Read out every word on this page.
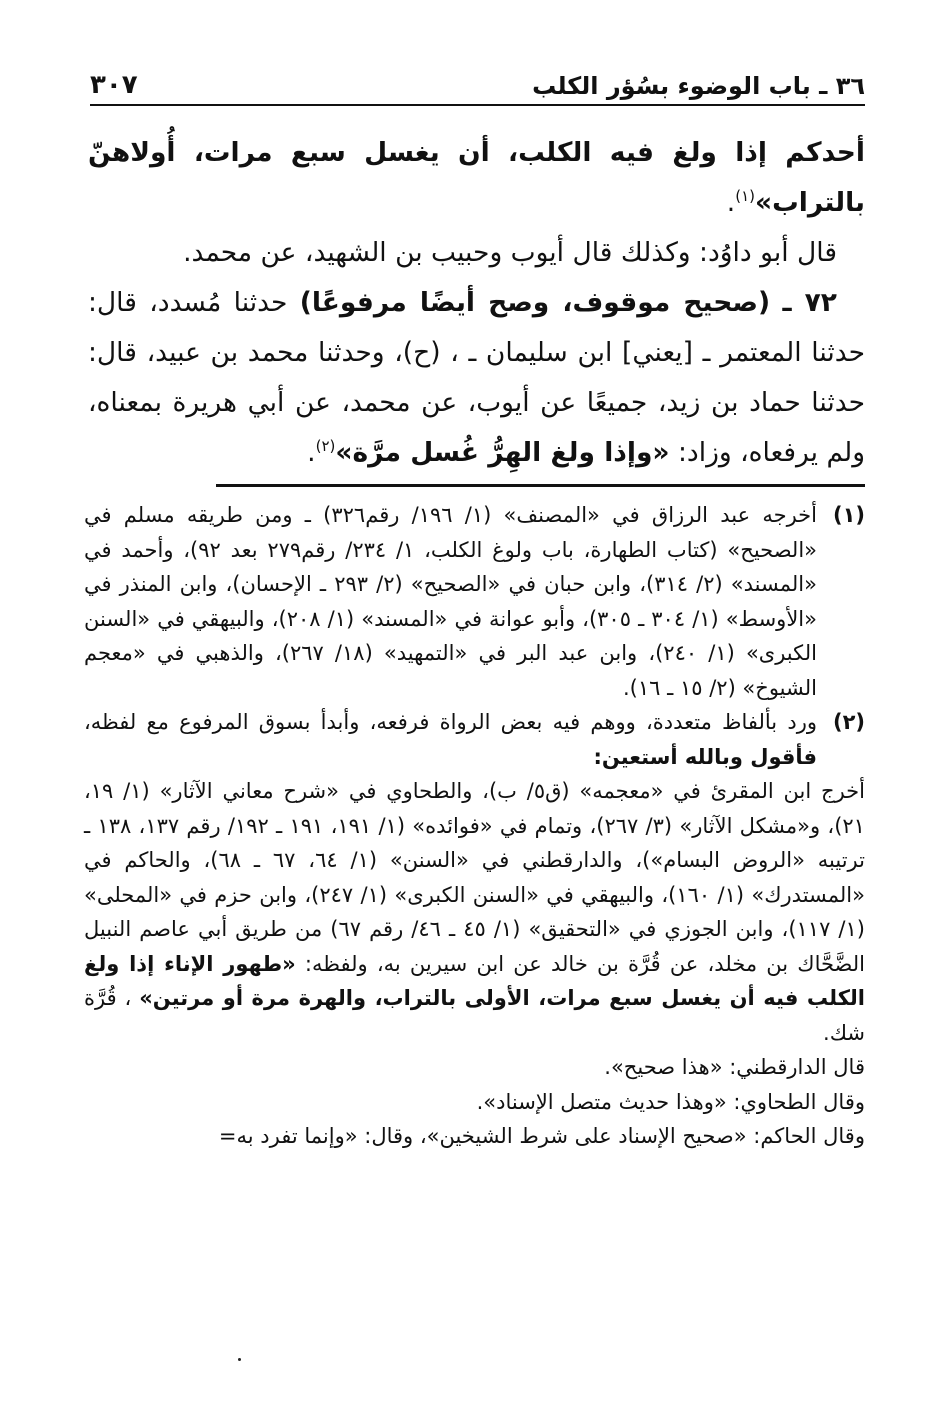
٣٦ ـ باب الوضوء بسُؤر الكلب
٣٠٧

أحدكم إذا ولغ فيه الكلب، أن يغسل سبع مرات، أُولاهنّ بالتراب»$^{(١)}$.

قال أبو داوُد: وكذلك قال أيوب وحبيب بن الشهيد، عن محمد.

٧٢ ـ (صحيح موقوف، وصح أيضًا مرفوعًا) حدثنا مُسدد، قال: حدثنا المعتمر ـ [يعني] ابن سليمان ـ ، (ح)، وحدثنا محمد بن عبيد، قال: حدثنا حماد بن زيد، جميعًا عن أيوب، عن محمد، عن أبي هريرة بمعناه، ولم يرفعاه، وزاد: «وإذا ولغ الهِرُّ غُسل مرَّة»$^{(٢)}$.

(١)
أخرجه عبد الرزاق في «المصنف» (١/ ١٩٦/ رقم٣٢٦) ـ ومن طريقه مسلم في «الصحيح» (كتاب الطهارة، باب ولوغ الكلب، ١/ ٢٣٤/ رقم٢٧٩ بعد ٩٢)، وأحمد في «المسند» (٢/ ٣١٤)، وابن حبان في «الصحيح» (٢/ ٢٩٣ ـ الإحسان)، وابن المنذر في «الأوسط» (١/ ٣٠٤ ـ ٣٠٥)، وأبو عوانة في «المسند» (١/ ٢٠٨)، والبيهقي في «السنن الكبرى» (١/ ٢٤٠)، وابن عبد البر في «التمهيد» (١٨/ ٢٦٧)، والذهبي في «معجم الشيوخ» (٢/ ١٥ ـ ١٦).
(٢)
ورد بألفاظ متعددة، ووهم فيه بعض الرواة فرفعه، وأبدأ بسوق المرفوع مع لفظه، فأقول وبالله أستعين:

أخرج ابن المقرئ في «معجمه» (ق٥/ ب)، والطحاوي في «شرح معاني الآثار» (١/ ١٩، ٢١)، و«مشكل الآثار» (٣/ ٢٦٧)، وتمام في «فوائده» (١/ ١٩١، ١٩١ ـ ١٩٢/ رقم ١٣٧، ١٣٨ ـ ترتيبه «الروض البسام»)، والدارقطني في «السنن» (١/ ٦٤، ٦٧ ـ ٦٨)، والحاكم في «المستدرك» (١/ ١٦٠)، والبيهقي في «السنن الكبرى» (١/ ٢٤٧)، وابن حزم في «المحلى» (١/ ١١٧)، وابن الجوزي في «التحقيق» (١/ ٤٥ ـ ٤٦/ رقم ٦٧) من طريق أبي عاصم النبيل الضَّحَّاك بن مخلد، عن قُرَّة بن خالد عن ابن سيرين به، ولفظه: «طهور الإناء إذا ولغ الكلب فيه أن يغسل سبع مرات، الأولى بالتراب، والهرة مرة أو مرتين» ، قُرَّة شك.

قال الدارقطني: «هذا صحيح».

وقال الطحاوي: «وهذا حديث متصل الإسناد».

وقال الحاكم: «صحيح الإسناد على شرط الشيخين»، وقال: «وإنما تفرد به=
